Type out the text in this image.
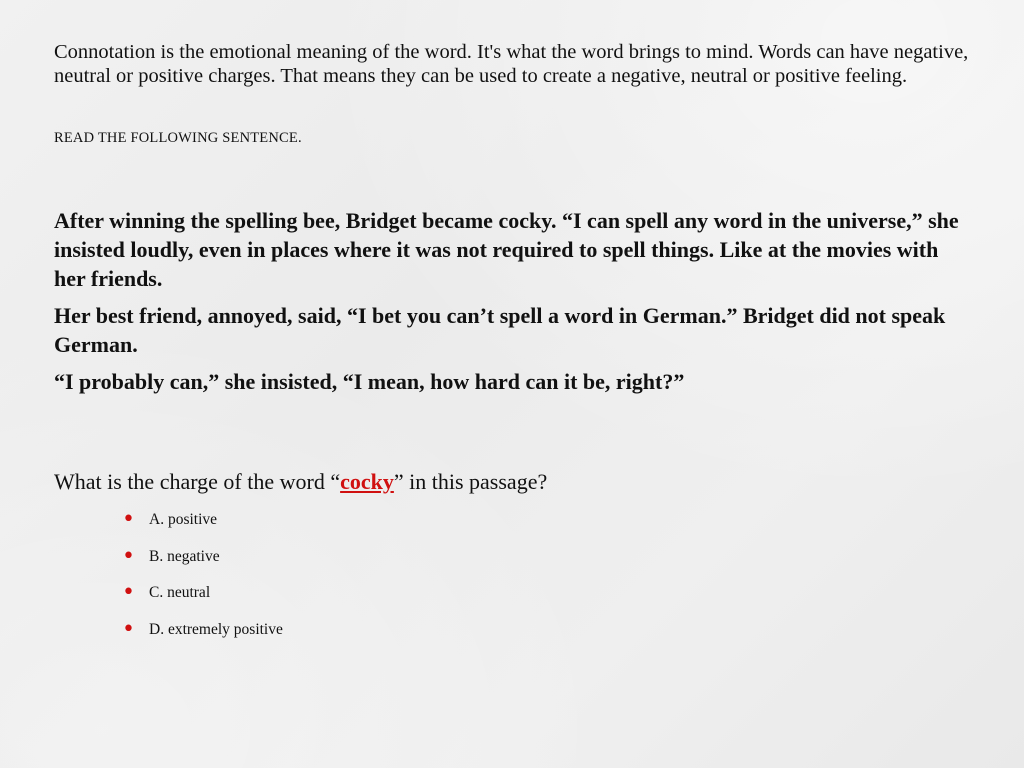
Connotation is the emotional meaning of the word. It's what the word brings to mind. Words can have negative, neutral or positive charges. That means they can be used to create a negative, neutral or positive feeling.

READ THE FOLLOWING SENTENCE.

After winning the spelling bee, Bridget became cocky. “I can spell any word in the universe,” she insisted loudly, even in places where it was not required to spell things. Like at the movies with her friends.

Her best friend, annoyed, said, “I bet you can’t spell a word in German.” Bridget did not speak German.

“I probably can,” she insisted, “I mean, how hard can it be, right?”

What is the charge of the word “cocky” in this passage?

• A. positive
• B. negative
• C. neutral
• D. extremely positive
